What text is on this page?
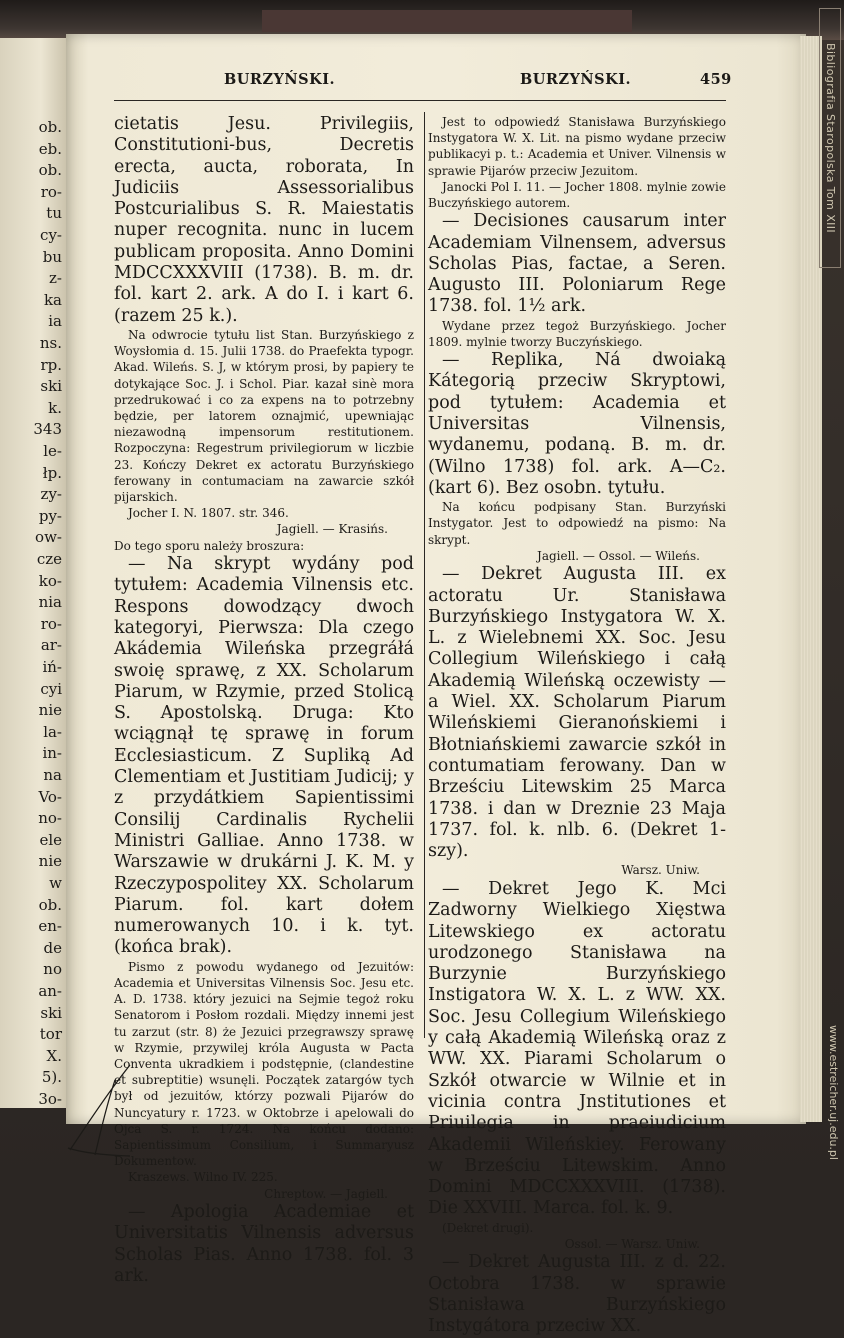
ob.
eb.
ob.
ro-
tu
cy-
bu
z-
ka
ia
ns.
rp.
ski
k.
343
le-
łp.
zy-
py-
ow-
cze
ko-
nia
ro-
ar-
iń-
cyi
nie
la-
in-
na
Vo-
no-
ele
nie
w
ob.
en-
de
no
an-
ski
tor
X.
5).
3o-
BURZYŃSKI.	BURZYŃSKI.	459

cietatis Jesu. Privilegiis, Constitutioni-bus, Decretis erecta, aucta, roborata, In Judiciis Assessorialibus Postcurialibus S. R. Maiestatis nuper recognita. nunc in lucem publicam proposita. Anno Domini MDCCXXXVIII (1738). B. m. dr. fol. kart 2. ark. A do I. i kart 6. (razem 25 k.).

Na odwrocie tytułu list Stan. Burzyńskiego z Woysłomia d. 15. Julii 1738. do Praefekta typogr. Akad. Wileńs. S. J, w którym prosi, by papiery te dotykające Soc. J. i Schol. Piar. kazał sinè mora przedrukować i co za expens na to potrzebny będzie, per latorem oznajmić, upewniając niezawodną impensorum restitutionem. Rozpoczyna: Regestrum privilegiorum w liczbie 23. Kończy Dekret ex actoratu Burzyńskiego ferowany in contumaciam na zawarcie szkół pijarskich.

Jocher I. N. 1807. str. 346.

Jagiell. — Krasińs.

Do tego sporu należy broszura:

— Na skrypt wydány pod tytułem: Academia Vilnensis etc. Respons dowodzący dwoch kategoryi, Pierwsza: Dla czego Akádemia Wileńska przegráłá swoię sprawę, z XX. Scholarum Piarum, w Rzymie, przed Stolicą S. Apostolską. Druga: Kto wciągnął tę sprawę in forum Ecclesiasticum. Z Supliką Ad Clementiam et Justitiam Judicij; y z przydátkiem Sapientissimi Consilij Cardinalis Rychelii Ministri Galliae. Anno 1738. w Warszawie w drukárni J. K. M. y Rzeczypospolitey XX. Scholarum Piarum. fol. kart dołem numerowanych 10. i k. tyt. (końca brak).

Pismo z powodu wydanego od Jezuitów: Academia et Universitas Vilnensis Soc. Jesu etc. A. D. 1738. który jezuici na Sejmie tegoż roku Senatorom i Posłom rozdali. Między innemi jest tu zarzut (str. 8) że Jezuici przegrawszy sprawę w Rzymie, przywilej króla Augusta w Pacta Conventa ukradkiem i podstępnie, (clandestine et subreptitie) wsunęli. Początek zatargów tych był od jezuitów, którzy pozwali Pijarów do Nuncyatury r. 1723. w Oktobrze i apelowali do Ojca S. r. 1724. Na końcu dodano: Sapientissimum Consilium, i Summaryusz Dokumentow.

Kraszews. Wilno IV. 225.

Chreptow. — Jagiell.

— Apologia Academiae et Universitatis Vilnensis adversus Scholas Pias. Anno 1738. fol. 3 ark.

Jest to odpowiedź Stanisława Burzyńskiego Instygatora W. X. Lit. na pismo wydane przeciw publikacyi p. t.: Academia et Univer. Vilnensis w sprawie Pijarów przeciw Jezuitom.

Janocki Pol I. 11. — Jocher 1808. mylnie zowie Buczyńskiego autorem.

— Decisiones causarum inter Academiam Vilnensem, adversus Scholas Pias, factae, a Seren. Augusto III. Poloniarum Rege 1738. fol. 1½ ark.

Wydane przez tegoż Burzyńskiego. Jocher 1809. mylnie tworzy Buczyńskiego.

— Replika, Ná dwoiaką Kátegorią przeciw Skryptowi, pod tytułem: Academia et Universitas Vilnensis, wydanemu, podaną. B. m. dr. (Wilno 1738) fol. ark. A—C₂. (kart 6). Bez osobn. tytułu.

Na końcu podpisany Stan. Burzyński Instygator. Jest to odpowiedź na pismo: Na skrypt.

Jagiell. — Ossol. — Wileńs.

— Dekret Augusta III. ex actoratu Ur. Stanisława Burzyńskiego Instygatora W. X. L. z Wielebnemi XX. Soc. Jesu Collegium Wileńskiego i całą Akademią Wileńską oczewisty — a Wiel. XX. Scholarum Piarum Wileńskiemi Gieranońskiemi i Błotniańskiemi zawarcie szkół in contumatiam ferowany. Dan w Brześciu Litewskim 25 Marca 1738. i dan w Dreznie 23 Maja 1737. fol. k. nlb. 6. (Dekret 1-szy).

Warsz. Uniw.

— Dekret Jego K. Mci Zadworny Wielkiego Xięstwa Litewskiego ex actoratu urodzonego Stanisława na Burzynie Burzyńskiego Instigatora W. X. L. z WW. XX. Soc. Jesu Collegium Wileńskiego y całą Akademią Wileńską oraz z WW. XX. Piarami Scholarum o Szkół otwarcie w Wilnie et in vicinia contra Jnstitutiones et Priuilegia in praeiudicium Akademii Wileńskiey. Ferowany w Brześciu Litewskim. Anno Domini MDCCXXXVIII. (1738). Die XXVIII. Marca. fol. k. 9.

(Dekret drugi).

Ossol. — Warsz. Uniw.

— Dekret Augusta III. z d. 22. Octobra 1738. w sprawie Stanisława Burzyńskiego Instygátora przeciw XX.

Bibliografia Staropolska Tom XIII
www.estreicher.uj.edu.pl
